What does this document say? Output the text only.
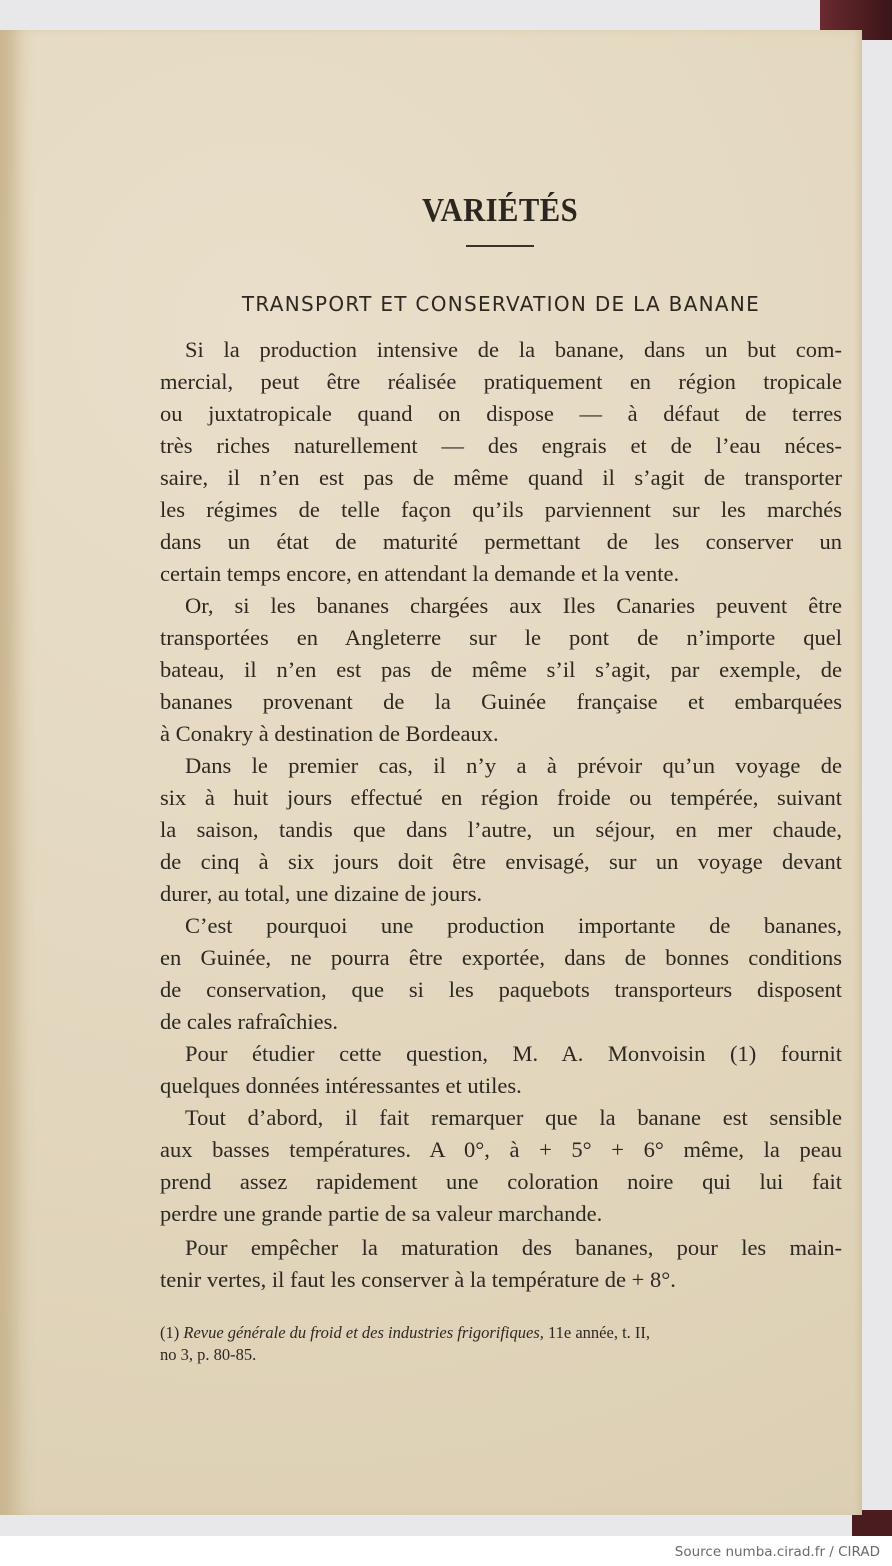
VARIÉTÉS
TRANSPORT ET CONSERVATION DE LA BANANE
Si la production intensive de la banane, dans un but com-
mercial, peut être réalisée pratiquement en région tropicale
ou juxtatropicale quand on dispose — à défaut de terres
très riches naturellement — des engrais et de l’eau néces-
saire, il n’en est pas de même quand il s’agit de transporter
les régimes de telle façon qu’ils parviennent sur les marchés
dans un état de maturité permettant de les conserver un
certain temps encore, en attendant la demande et la vente.
Or, si les bananes chargées aux Iles Canaries peuvent être
transportées en Angleterre sur le pont de n’importe quel
bateau, il n’en est pas de même s’il s’agit, par exemple, de
bananes provenant de la Guinée française et embarquées
à Conakry à destination de Bordeaux.
Dans le premier cas, il n’y a à prévoir qu’un voyage de
six à huit jours effectué en région froide ou tempérée, suivant
la saison, tandis que dans l’autre, un séjour, en mer chaude,
de cinq à six jours doit être envisagé, sur un voyage devant
durer, au total, une dizaine de jours.
C’est pourquoi une production importante de bananes,
en Guinée, ne pourra être exportée, dans de bonnes conditions
de conservation, que si les paquebots transporteurs disposent
de cales rafraîchies.
Pour étudier cette question, M. A. Monvoisin (1) fournit
quelques données intéressantes et utiles.
Tout d’abord, il fait remarquer que la banane est sensible
aux basses températures. A 0°, à + 5° + 6° même, la peau
prend assez rapidement une coloration noire qui lui fait
perdre une grande partie de sa valeur marchande.
Pour empêcher la maturation des bananes, pour les main-
tenir vertes, il faut les conserver à la température de + 8°.
(1) Revue générale du froid et des industries frigorifiques, 11e année, t. II,
no 3, p. 80-85.
Source numba.cirad.fr / CIRAD
